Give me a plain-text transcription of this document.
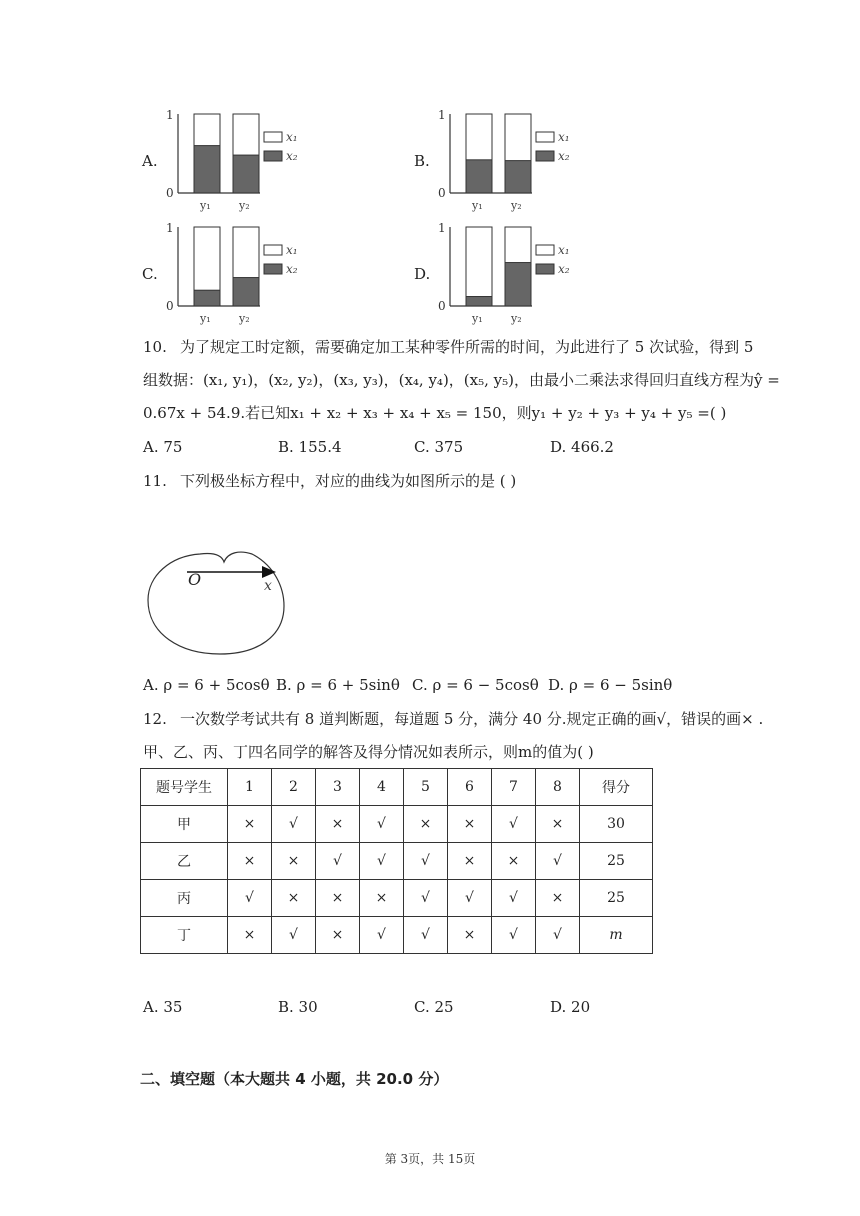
A.	B.
C.	D.
1
0
y₁	y₂
x₁
x₂
1
0
y₁	y₂
x₁
x₂
1
0
y₁	y₂
x₁
x₂
1
0
y₁	y₂
x₁
x₂
10. 为了规定工时定额，需要确定加工某种零件所需的时间，为此进行了 5 次试验，得到 5
组数据：(x₁, y₁)，(x₂, y₂)，(x₃, y₃)，(x₄, y₄)，(x₅, y₅)，由最小二乘法求得回归直线方程为ŷ =
0.67x + 54.9.若已知x₁ + x₂ + x₃ + x₄ + x₅ = 150，则y₁ + y₂ + y₃ + y₄ + y₅ =( )
A. 75	B. 155.4	C. 375	D. 466.2
11. 下列极坐标方程中，对应的曲线为如图所示的是 ( )
O	x
A. ρ = 6 + 5cosθ B. ρ = 6 + 5sinθ C. ρ = 6 − 5cosθ D. ρ = 6 − 5sinθ
12. 一次数学考试共有 8 道判断题，每道题 5 分，满分 40 分.规定正确的画√，错误的画× .
甲、乙、丙、丁四名同学的解答及得分情况如表所示，则m的值为( )
题号学生	1	2	3	4	5	6	7	8	得分
甲	×	√	×	√	×	×	√	×	30
乙	×	×	√	√	√	×	×	√	25
丙	√	×	×	×	√	√	√	×	25
丁	×	√	×	√	√	×	√	√	m
A. 35	B. 30	C. 25	D. 20
二、填空题（本大题共 4 小题，共 20.0 分）
第 3页，共 15页
